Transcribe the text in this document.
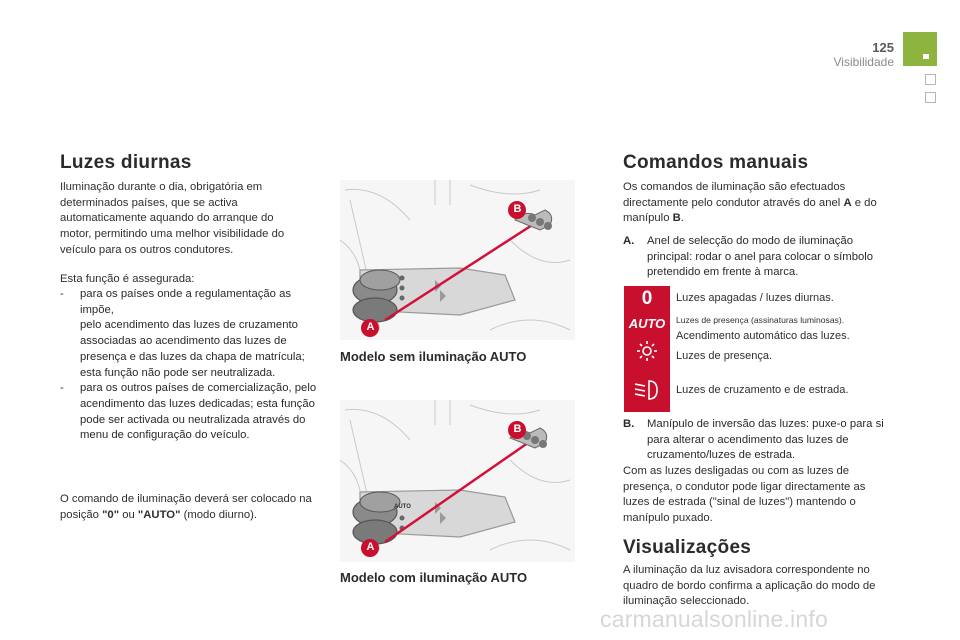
125
Visibilidade
Luzes diurnas

Iluminação durante o dia, obrigatória em determinados países, que se activa automaticamente aquando do arranque do motor, permitindo uma melhor visibilidade do veículo para os outros condutores.

Esta função é assegurada:

- para os países onde a regulamentação as impõe,
pelo acendimento das luzes de cruzamento associadas ao acendimento das luzes de presença e das luzes da chapa de matrícula; esta função não pode ser neutralizada.
- para os outros países de comercialização, pelo acendimento das luzes dedicadas; esta função pode ser activada ou neutralizada através do menu de configuração do veículo.

O comando de iluminação deverá ser colocado na posição "0" ou "AUTO" (modo diurno).

B
A
Modelo sem iluminação AUTO
AUTO
B
A
Modelo com iluminação AUTO
Comandos manuais

Os comandos de iluminação são efectuados directamente pelo condutor através do anel A e do manípulo B.

A. Anel de selecção do modo de iluminação principal: rodar o anel para colocar o símbolo pretendido em frente à marca.
0
AUTO
Luzes apagadas / luzes diurnas.
Luzes de presença (assinaturas luminosas).
Acendimento automático das luzes.
Luzes de presença.
Luzes de cruzamento e de estrada.
B. Manípulo de inversão das luzes: puxe-o para si para alterar o acendimento das luzes de cruzamento/luzes de estrada.

Com as luzes desligadas ou com as luzes de presença, o condutor pode ligar directamente as luzes de estrada ("sinal de luzes") mantendo o manípulo puxado.

Visualizações

A iluminação da luz avisadora correspondente no quadro de bordo confirma a aplicação do modo de iluminação seleccionado.

carmanualsonline.info
